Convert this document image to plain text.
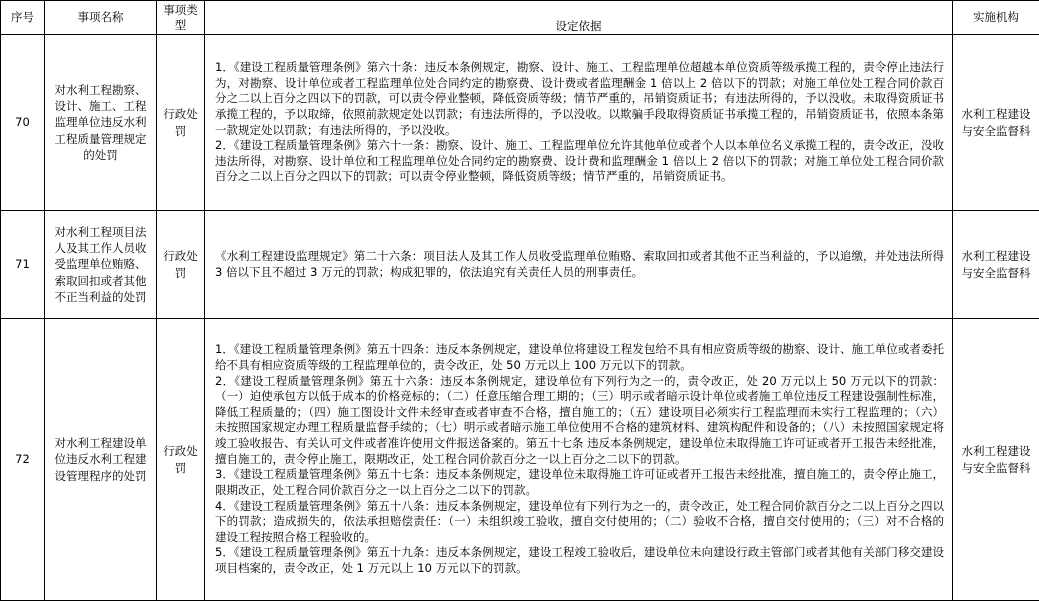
序号	事项名称	事项类型	设定依据	实施机构
70	对水利工程勘察、设计、施工、工程监理单位违反水利工程质量管理规定的处罚	行政处罚	1．《建设工程质量管理条例》第六十条：违反本条例规定，勘察、设计、施工、工程监理单位超越本单位资质等级承揽工程的，责令停止违法行为，对勘察、设计单位或者工程监理单位处合同约定的勘察费、设计费或者监理酬金 1 倍以上 2 倍以下的罚款；对施工单位处工程合同价款百分之二以上百分之四以下的罚款，可以责令停业整顿，降低资质等级；情节严重的，吊销资质证书；有违法所得的，予以没收。未取得资质证书承揽工程的，予以取缔，依照前款规定处以罚款；有违法所得的，予以没收。以欺骗手段取得资质证书承揽工程的，吊销资质证书，依照本条第一款规定处以罚款；有违法所得的，予以没收。

2．《建设工程质量管理条例》第六十一条：勘察、设计、施工、工程监理单位允许其他单位或者个人以本单位名义承揽工程的，责令改正，没收违法所得，对勘察、设计单位和工程监理单位处合同约定的勘察费、设计费和监理酬金 1 倍以上 2 倍以下的罚款；对施工单位处工程合同价款百分之二以上百分之四以下的罚款；可以责令停业整顿，降低资质等级；情节严重的，吊销资质证书。	水利工程建设与安全监督科
71	对水利工程项目法人及其工作人员收受监理单位贿赂、索取回扣或者其他不正当利益的处罚	行政处罚	《水利工程建设监理规定》第二十六条：项目法人及其工作人员收受监理单位贿赂、索取回扣或者其他不正当利益的，予以追缴，并处违法所得 3 倍以下且不超过 3 万元的罚款；构成犯罪的，依法追究有关责任人员的刑事责任。	水利工程建设与安全监督科
72	对水利工程建设单位违反水利工程建设管理程序的处罚	行政处罚	1．《建设工程质量管理条例》第五十四条：违反本条例规定，建设单位将建设工程发包给不具有相应资质等级的勘察、设计、施工单位或者委托给不具有相应资质等级的工程监理单位的，责令改正，处 50 万元以上 100 万元以下的罚款。

2．《建设工程质量管理条例》第五十六条：违反本条例规定，建设单位有下列行为之一的，责令改正，处 20 万元以上 50 万元以下的罚款：（一）迫使承包方以低于成本的价格竞标的；（二）任意压缩合理工期的；（三）明示或者暗示设计单位或者施工单位违反工程建设强制性标准，降低工程质量的；（四）施工图设计文件未经审查或者审查不合格，擅自施工的；（五）建设项目必须实行工程监理而未实行工程监理的；（六）未按照国家规定办理工程质量监督手续的；（七）明示或者暗示施工单位使用不合格的建筑材料、建筑构配件和设备的；（八）未按照国家规定将竣工验收报告、有关认可文件或者准许使用文件报送备案的。第五十七条 违反本条例规定，建设单位未取得施工许可证或者开工报告未经批准，擅自施工的，责令停止施工，限期改正，处工程合同价款百分之一以上百分之二以下的罚款。

3．《建设工程质量管理条例》第五十七条：违反本条例规定，建设单位未取得施工许可证或者开工报告未经批准，擅自施工的，责令停止施工，限期改正，处工程合同价款百分之一以上百分之二以下的罚款。

4．《建设工程质量管理条例》第五十八条：违反本条例规定，建设单位有下列行为之一的，责令改正，处工程合同价款百分之二以上百分之四以下的罚款；造成损失的，依法承担赔偿责任：（一）未组织竣工验收，擅自交付使用的；（二）验收不合格，擅自交付使用的；（三）对不合格的建设工程按照合格工程验收的。

5．《建设工程质量管理条例》第五十九条：违反本条例规定，建设工程竣工验收后，建设单位未向建设行政主管部门或者其他有关部门移交建设项目档案的，责令改正，处 1 万元以上 10 万元以下的罚款。	水利工程建设与安全监督科
